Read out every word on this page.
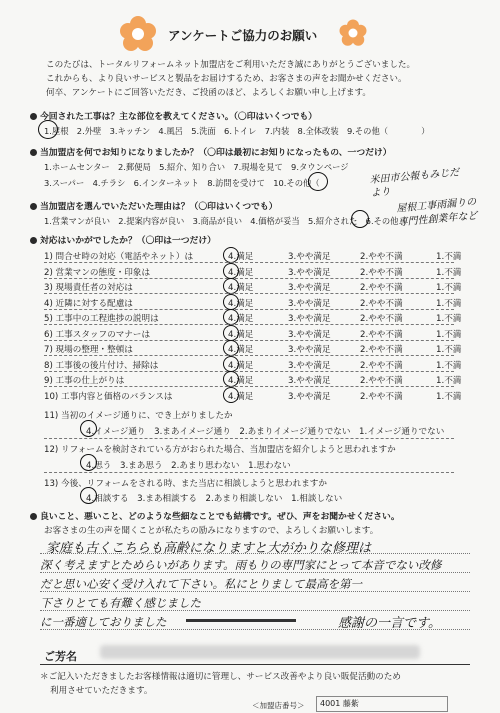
アンケートご協力のお願い
このたびは、トータルリフォームネット加盟店をご利用いただき誠にありがとうございました。
これからも、より良いサービスと製品をお届けするため、お客さまの声をお聞かせください。
何卒、アンケートにご回答いただき、ご投函のほど、よろしくお願い申し上げます。
今回された工事は？主な部位を教えてください。（〇印はいくつでも）
1.屋根　2.外壁　3.キッチン　4.風呂　5.洗面　6.トイレ　7.内装　8.全体改装　9.その他（　　　　）
当加盟店を何でお知りになりましたか？（〇印は最初にお知りになったもの、一つだけ）
1.ホームセンター　2.郵便局　5.紹介、知り合い　7.現場を見て　9.タウンページ
3.スーパー　4.チラシ　6.インターネット　8.訪問を受けて　10.その他（	米田市公報もみじだより
当加盟店を選んでいただいた理由は？（〇印はいくつでも）
1.営業マンが良い　2.提案内容が良い　3.商品が良い　4.価格が妥当　5.紹介された　6.その他（
屋根工事雨漏りの専門性創業年など
対応はいかがでしたか？（〇印は一つだけ）
1) 問合せ時の対応（電話やネット）は	4.満足	3.やや満足	2.やや不満	1.不満
2) 営業マンの態度・印象は	4.満足	3.やや満足	2.やや不満	1.不満
3) 現場責任者の対応は	4.満足	3.やや満足	2.やや不満	1.不満
4) 近隣に対する配慮は	4.満足	3.やや満足	2.やや不満	1.不満
5) 工事中の工程進捗の説明は	4.満足	3.やや満足	2.やや不満	1.不満
6) 工事スタッフのマナーは	4.満足	3.やや満足	2.やや不満	1.不満
7) 現場の整理・整頓は	4.満足	3.やや満足	2.やや不満	1.不満
8) 工事後の後片付け、掃除は	4.満足	3.やや満足	2.やや不満	1.不満
9) 工事の仕上がりは	4.満足	3.やや満足	2.やや不満	1.不満
10) 工事内容と価格のバランスは	4.満足	3.やや満足	2.やや不満	1.不満
11) 当初のイメージ通りに、でき上がりましたか
4.イメージ通り　3.まあイメージ通り　2.あまりイメージ通りでない　1.イメージ通りでない
12) リフォームを検討されている方がおられた場合、当加盟店を紹介しようと思われますか
4.思う　3.まあ思う　2.あまり思わない　1.思わない
13) 今後、リフォームをされる時、また当店に相談しようと思われますか
4.相談する　3.まあ相談する　2.あまり相談しない　1.相談しない
良いこと、悪いこと、どのような些細なことでも結構です。ぜひ、声をお聞かせください。
お客さまの生の声を聞くことが私たちの励みになりますので、よろしくお願いします。
家庭も古くこちらも高齢になりますと大がかりな修理は
深く考えますとためらいがあります。雨もりの専門家にとって本音でない改修
だと思い心安く受け入れて下さい。私にとりまして最高を第一
下さりとても有難く感じました
に一番適しておりました	感謝の一言です。
ご芳名
＊ご記入いただきましたお客様情報は適切に管理し、サービス改善やより良い販促活動のため
利用させていただきます。
＜加盟店番号＞ 4001 藤紫
